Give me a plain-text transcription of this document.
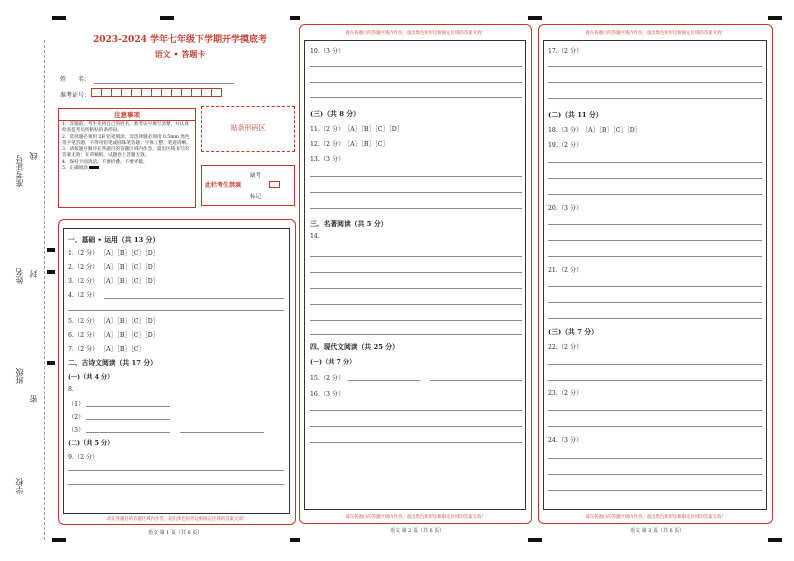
准考证号 线
姓名 封
班级
密
学校
2023-2024 学年七年级下学期开学摸底考
语文 • 答题卡
姓　　名：
准考证号：
注意事项
1．答题前，考生先将自己的姓名，准考证号填写清楚，并认真检查监考员所粘贴的条形码。
2．选择题必须用 2B 铅笔填涂；非选择题必须用 0.5mm 黑色签字笔答题，不得用铅笔或圆珠笔答题；字体工整、笔迹清晰。
3．请按题号顺序在各题目的答题区域内作答，超出区域书写的答案无效；在草稿纸、试题卷上答题无效。
4．保持卡面清洁，不要折叠、不要弄破。
5．正确填涂
贴条形码区
此栏考生禁填
缺考
标记
一、基础 • 运用（共 13 分）
1.（2 分） ［A］［B］［C］［D］
2.（2 分） ［A］［B］［C］［D］
3.（2 分） ［A］［B］［C］［D］
4.（2 分）
5.（2 分） ［A］［B］［C］［D］
6.（2 分） ［A］［B］［C］［D］
7.（2 分） ［A］［B］［C］
二、古诗文阅读（共 17 分）
(一)（共 4 分）
8.
（1）
（2）
（3）
(二)（共 5 分）
9.（2 分）
请在各题目的答题区域内作答，超出黑色矩形边框限定区域的答案无效！
语文 第 1 页（共 6 页）
请在各题目的答题区域内作答，超出黑色矩形边框限定区域的答案无效！
10.（3 分）
(三)（共 8 分）
11.（2 分） ［A］［B］［C］［D］
12.（2 分） ［A］［B］［C］
13.（3 分）
三、名著阅读（共 5 分）
14.
四、现代文阅读（共 25 分）
(一)（共 7 分）
15.（2 分）
16.（3 分）
请在各题目的答题区域内作答，超出黑色矩形边框限定区域的答案无效！
语文 第 2 页（共 6 页）
请在各题目的答题区域内作答，超出黑色矩形边框限定区域的答案无效！
17.（2 分）
(二)（共 11 分）
18.（3 分） ［A］［B］［C］［D］
19.（2 分）
20.（3 分）
21.（2 分）
(三)（共 7 分）
22.（2 分）
23.（2 分）
24.（3 分）
请在各题目的答题区域内作答，超出黑色矩形边框限定区域的答案无效！
语文 第 3 页（共 6 页）
